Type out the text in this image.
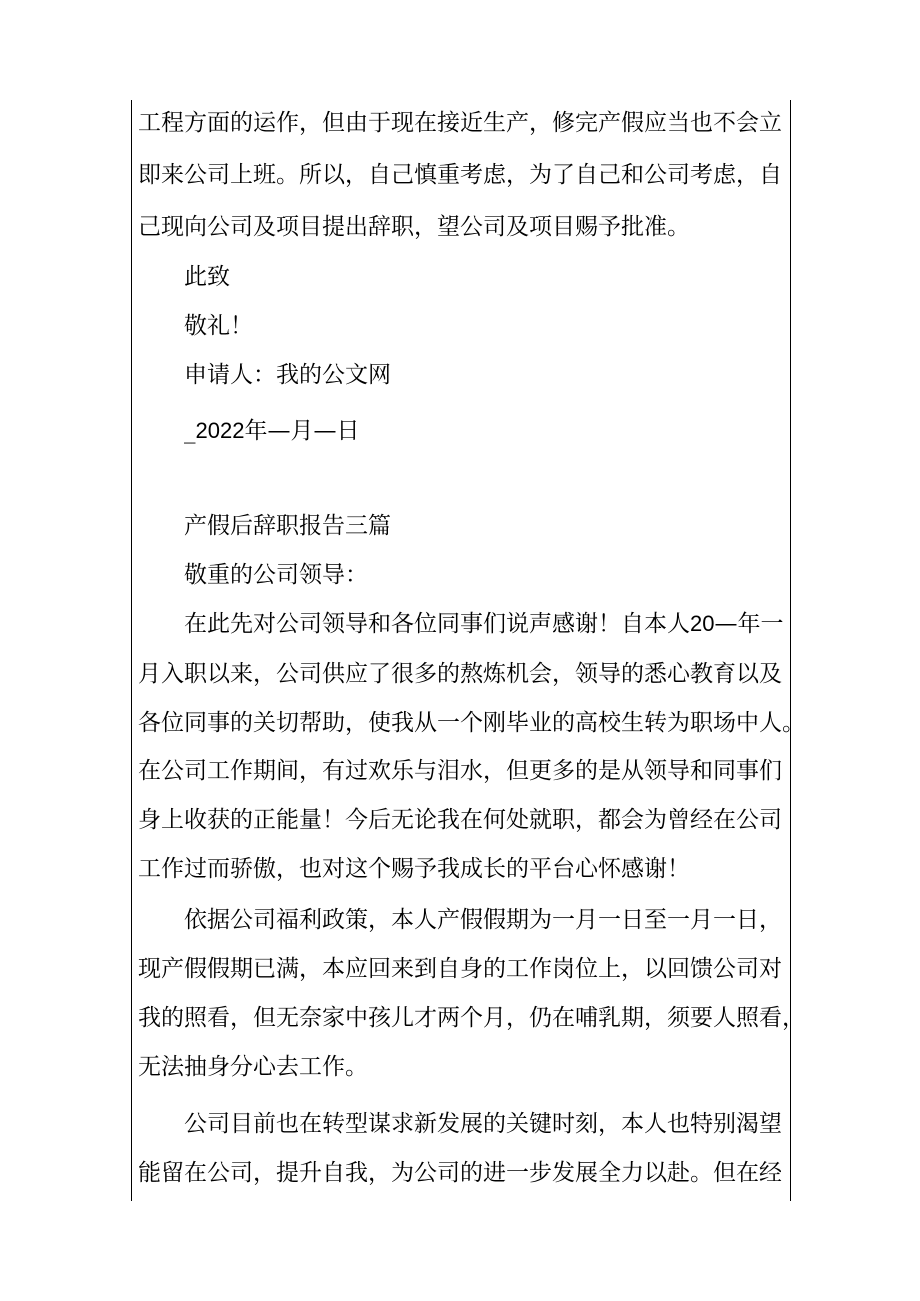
工程方面的运作，但由于现在接近生产，修完产假应当也不会立
即来公司上班。所以，自己慎重考虑，为了自己和公司考虑，自
己现向公司及项目提出辞职，望公司及项目赐予批准。
此致
敬礼！
申请人：我的公文网
_2022年—月—日
产假后辞职报告三篇
敬重的公司领导：
在此先对公司领导和各位同事们说声感谢！自本人20—年一
月入职以来，公司供应了很多的熬炼机会，领导的悉心教育以及
各位同事的关切帮助，使我从一个刚毕业的高校生转为职场中人。
在公司工作期间，有过欢乐与泪水，但更多的是从领导和同事们
身上收获的正能量！今后无论我在何处就职，都会为曾经在公司
工作过而骄傲，也对这个赐予我成长的平台心怀感谢！
依据公司福利政策，本人产假假期为一月一日至一月一日，
现产假假期已满，本应回来到自身的工作岗位上，以回馈公司对
我的照看，但无奈家中孩儿才两个月，仍在哺乳期，须要人照看，
无法抽身分心去工作。
公司目前也在转型谋求新发展的关键时刻，本人也特别渴望
能留在公司，提升自我，为公司的进一步发展全力以赴。但在经
